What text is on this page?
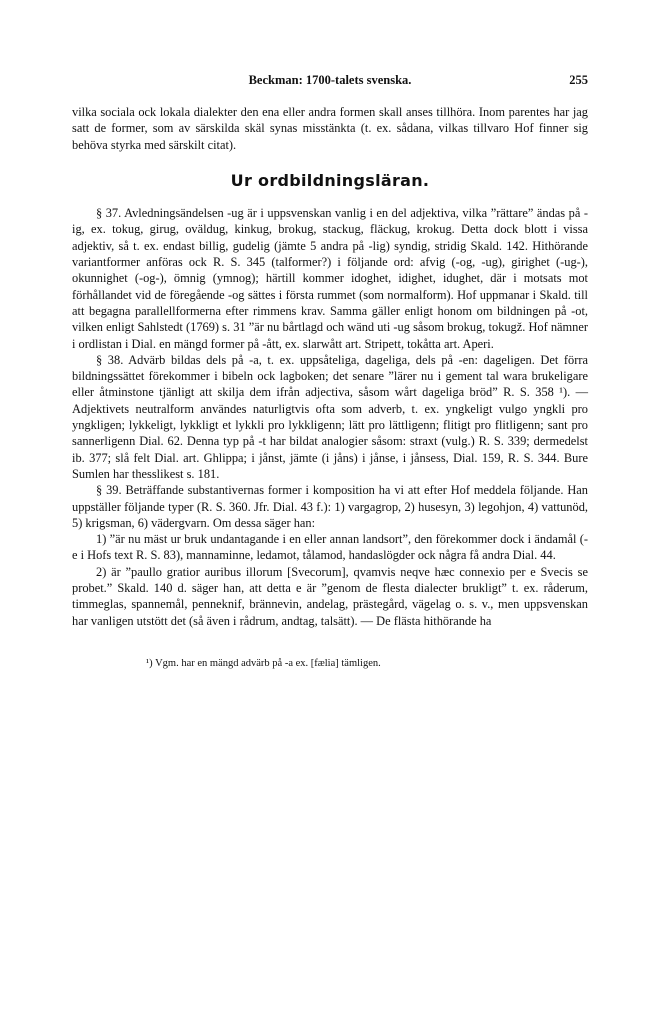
Beckman: 1700-talets svenska.	255

vilka sociala ock lokala dialekter den ena eller andra formen skall anses tillhöra. Inom parentes har jag satt de former, som av särskilda skäl synas misstänkta (t. ex. sådana, vilkas tillvaro Hof finner sig behöva styrka med särskilt citat).

Ur ordbildningsläran.

§ 37. Avledningsändelsen -ug är i uppsvenskan vanlig i en del adjektiva, vilka ”rättare” ändas på -ig, ex. tokug, girug, oväldug, kinkug, brokug, stackug, fläckug, krokug. Detta dock blott i vissa adjektiv, så t. ex. endast billig, gudelig (jämte 5 andra på -lig) syndig, stridig Skald. 142. Hithörande variantformer anföras ock R. S. 345 (talformer?) i följande ord: afvig (-og, -ug), girighet (-ug-), okunnighet (-og-), ömnig (ymnog); härtill kommer idoghet, idighet, idughet, där i motsats mot förhållandet vid de föregående -og sättes i första rummet (som normalform). Hof uppmanar i Skald. till att begagna parallellformerna efter rimmens krav. Samma gäller enligt honom om bildningen på -ot, vilken enligt Sahlstedt (1769) s. 31 ”är nu bårtlagd och wänd uti -ug såsom brokug, tokugž. Hof nämner i ordlistan i Dial. en mängd former på -ått, ex. slarwått art. Stripett, tokåtta art. Aperi.

§ 38. Advärb bildas dels på -a, t. ex. uppsåteliga, dageliga, dels på -en: dageligen. Det förra bildningssättet förekommer i bibeln ock lagboken; det senare ”lärer nu i gement tal wara brukeligare eller åtminstone tjänligt att skilja dem ifrån adjectiva, såsom wårt dageliga bröd” R. S. 358 ¹). — Adjektivets neutralform användes naturligtvis ofta som adverb, t. ex. yngkeligt vulgo yngkli pro yngkligen; lykkeligt, lykkligt et lykkli pro lykkligenn; lätt pro lättligenn; flitigt pro flitligenn; sant pro sannerligenn Dial. 62. Denna typ på -t har bildat analogier såsom: straxt (vulg.) R. S. 339; dermedelst ib. 377; slå felt Dial. art. Ghlippa; i jånst, jämte (i jåns) i jånse, i jånsess, Dial. 159, R. S. 344. Bure Sumlen har thesslikest s. 181.

§ 39. Beträffande substantivernas former i komposition ha vi att efter Hof meddela följande. Han uppställer följande typer (R. S. 360. Jfr. Dial. 43 f.): 1) vargagrop, 2) husesyn, 3) legohjon, 4) vattunöd, 5) krigsman, 6) vädergvarn. Om dessa säger han:

1) ”är nu mäst ur bruk undantagande i en eller annan landsort”, den förekommer dock i ändamål (-e i Hofs text R. S. 83), mannaminne, ledamot, tålamod, handaslögder ock några få andra Dial. 44.

2) är ”paullo gratior auribus illorum [Svecorum], qvamvis neqve hæc connexio per e Svecis se probet.” Skald. 140 d. säger han, att detta e är ”genom de flesta dialecter brukligt” t. ex. råderum, timmeglas, spannemål, penneknif, brännevin, andelag, prästegård, vägelag o. s. v., men uppsvenskan har vanligen utstött det (så även i rådrum, andtag, talsätt). — De flästa hithörande ha

¹) Vgm. har en mängd advärb på -a ex. [fælia] tämligen.
